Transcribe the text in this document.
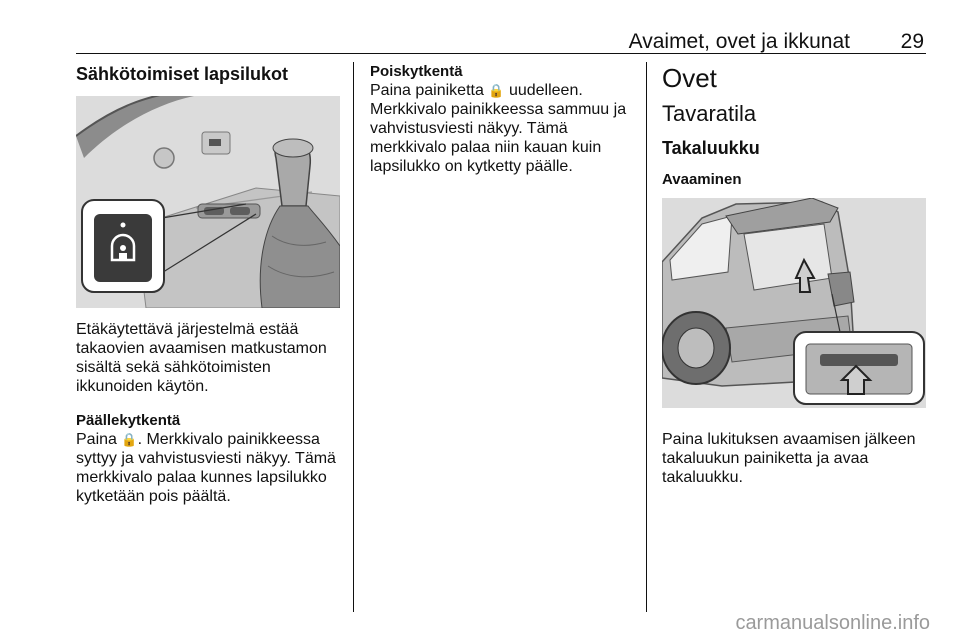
Avaimet, ovet ja ikkunat	29
Sähkötoimiset lapsilukot

Etäkäytettävä järjestelmä estää takaovien avaamisen matkustamon sisältä sekä sähkötoimisten ikkunoiden käytön.

Päällekytkentä

Paina 🔒. Merkkivalo painikkeessa syttyy ja vahvistusviesti näkyy. Tämä merkkivalo palaa kunnes lapsilukko kytketään pois päältä.

Poiskytkentä

Paina painiketta 🔒 uudelleen. Merkkivalo painikkeessa sammuu ja vahvistusviesti näkyy. Tämä merkkivalo palaa niin kauan kuin lapsilukko on kytketty päälle.

Ovet
Tavaratila
Takaluukku
Avaaminen

Paina lukituksen avaamisen jälkeen takaluukun painiketta ja avaa takaluukku.

carmanualsonline.info
